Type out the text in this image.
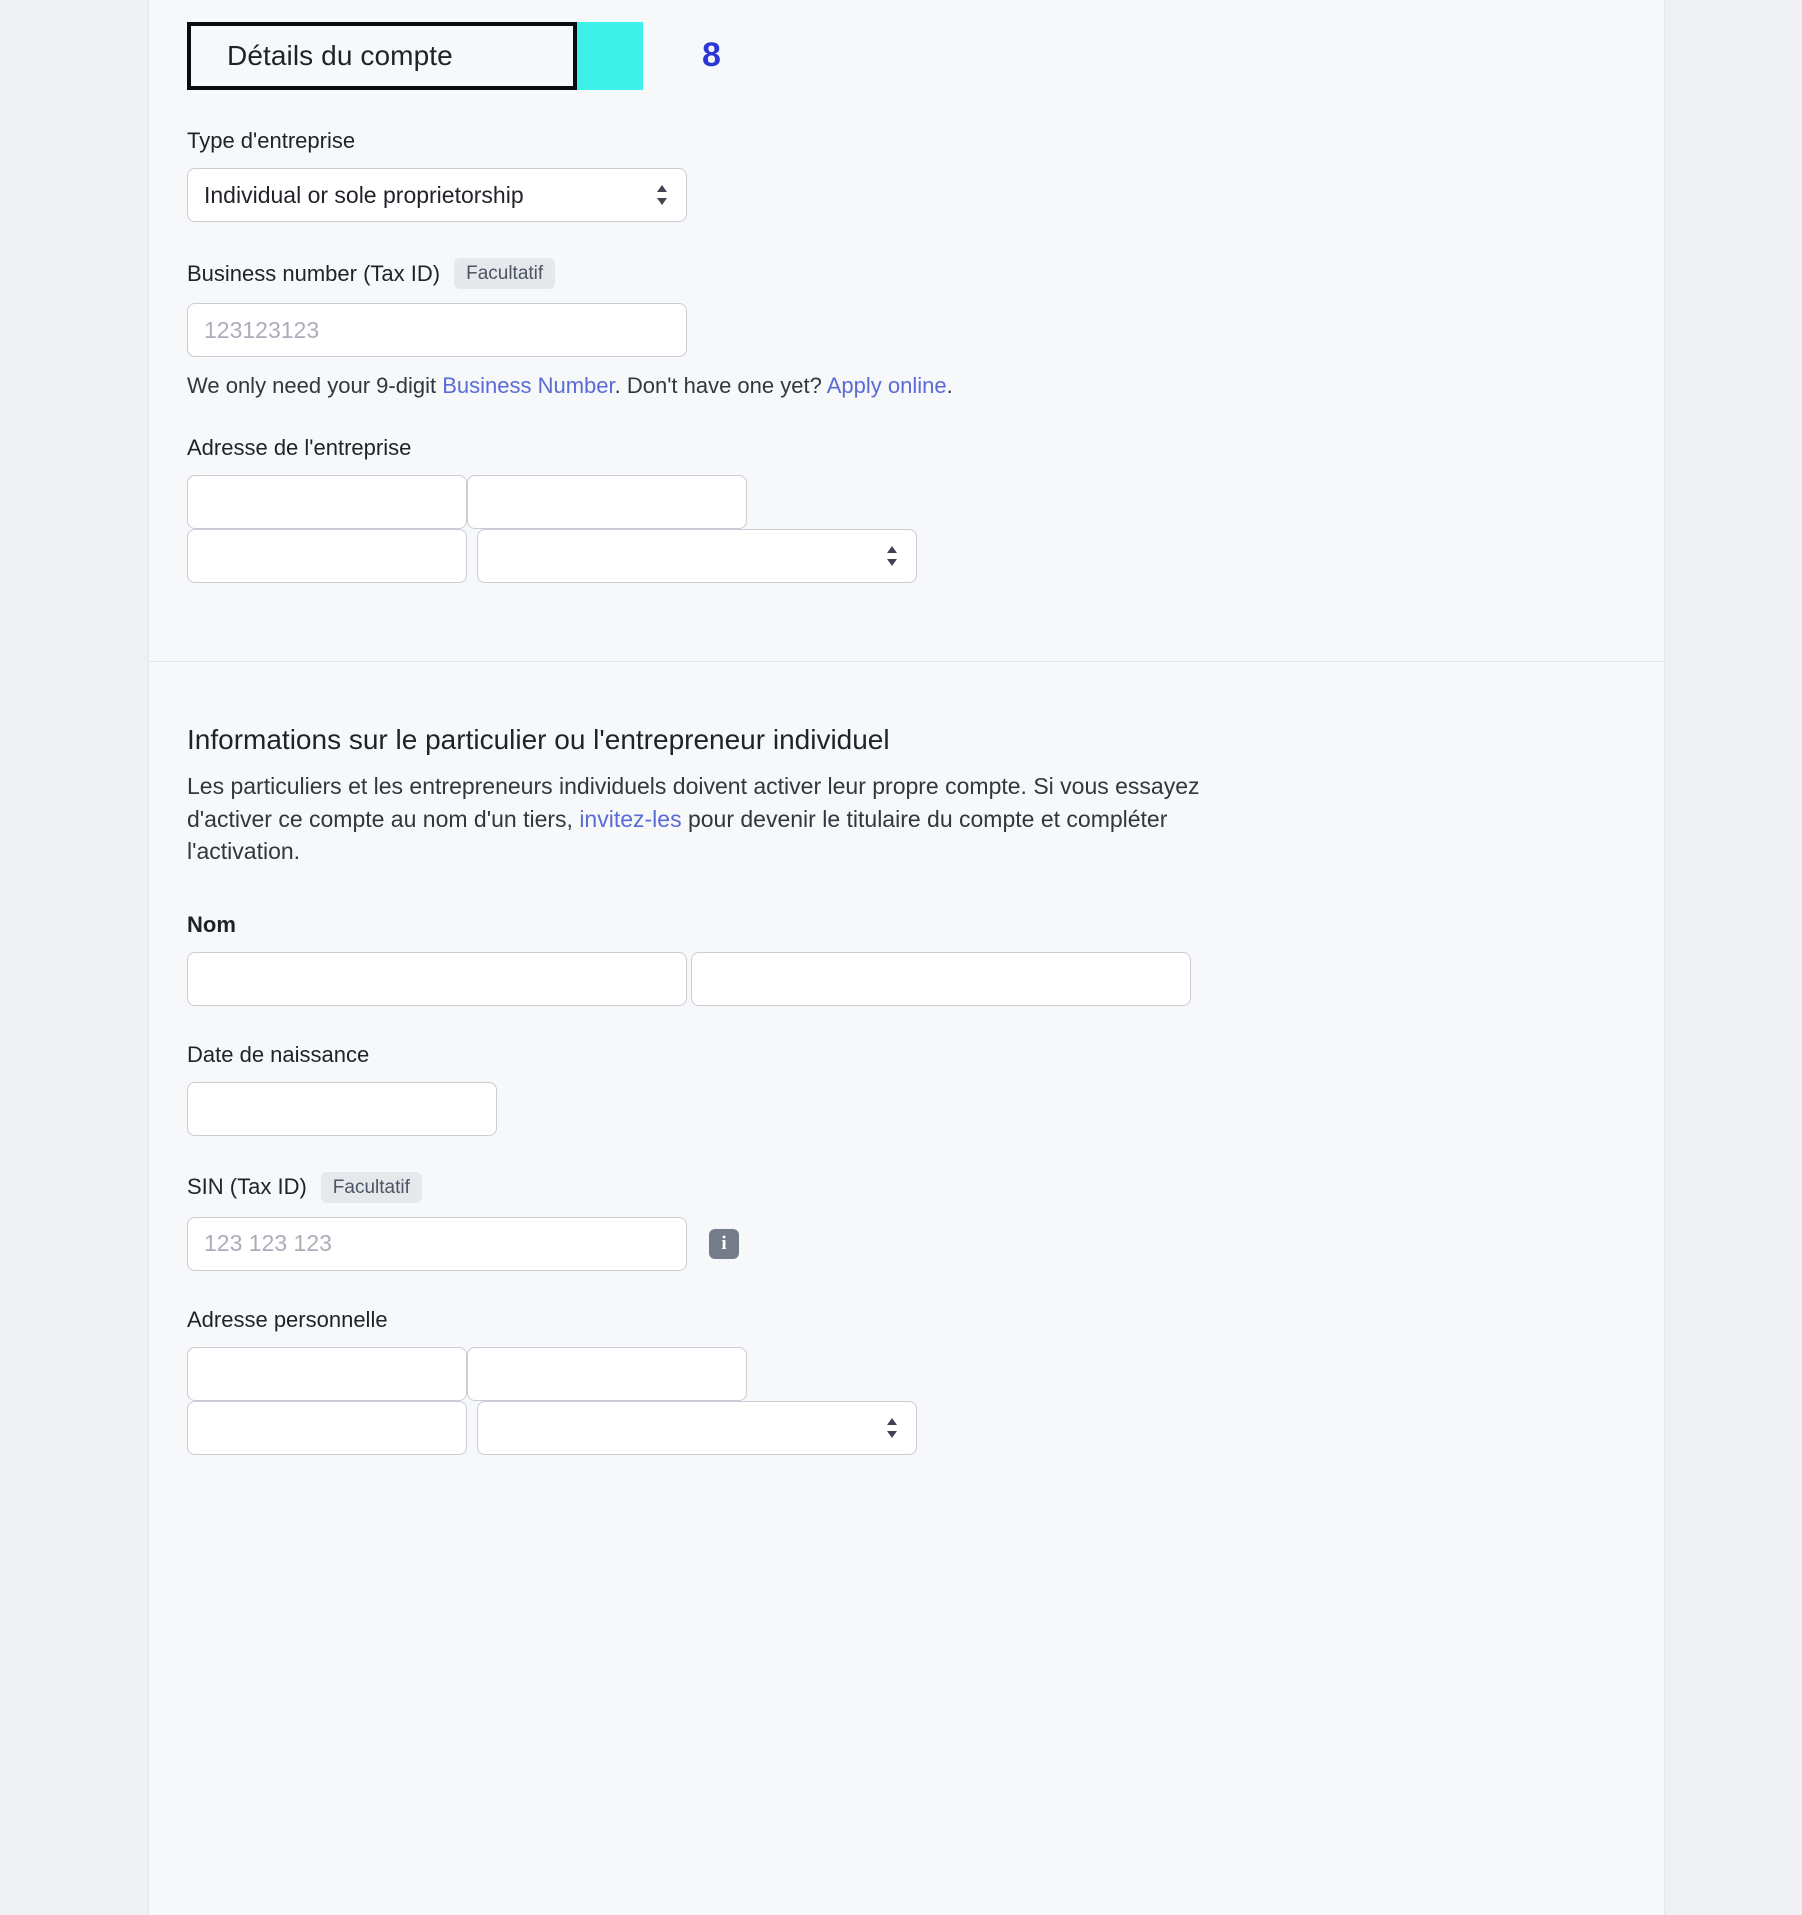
Détails du compte	8
Type d'entreprise
Individual or sole proprietorship
Business number (Tax ID)	Facultatif
123123123
We only need your 9-digit Business Number. Don't have one yet? Apply online.
Adresse de l'entreprise
Informations sur le particulier ou l'entrepreneur individuel

Les particuliers et les entrepreneurs individuels doivent activer leur propre compte. Si vous essayez d'activer ce compte au nom d'un tiers, invitez-les pour devenir le titulaire du compte et compléter l'activation.

Nom

Date de naissance
SIN (Tax ID)	Facultatif
123 123 123
i
Adresse personnelle
